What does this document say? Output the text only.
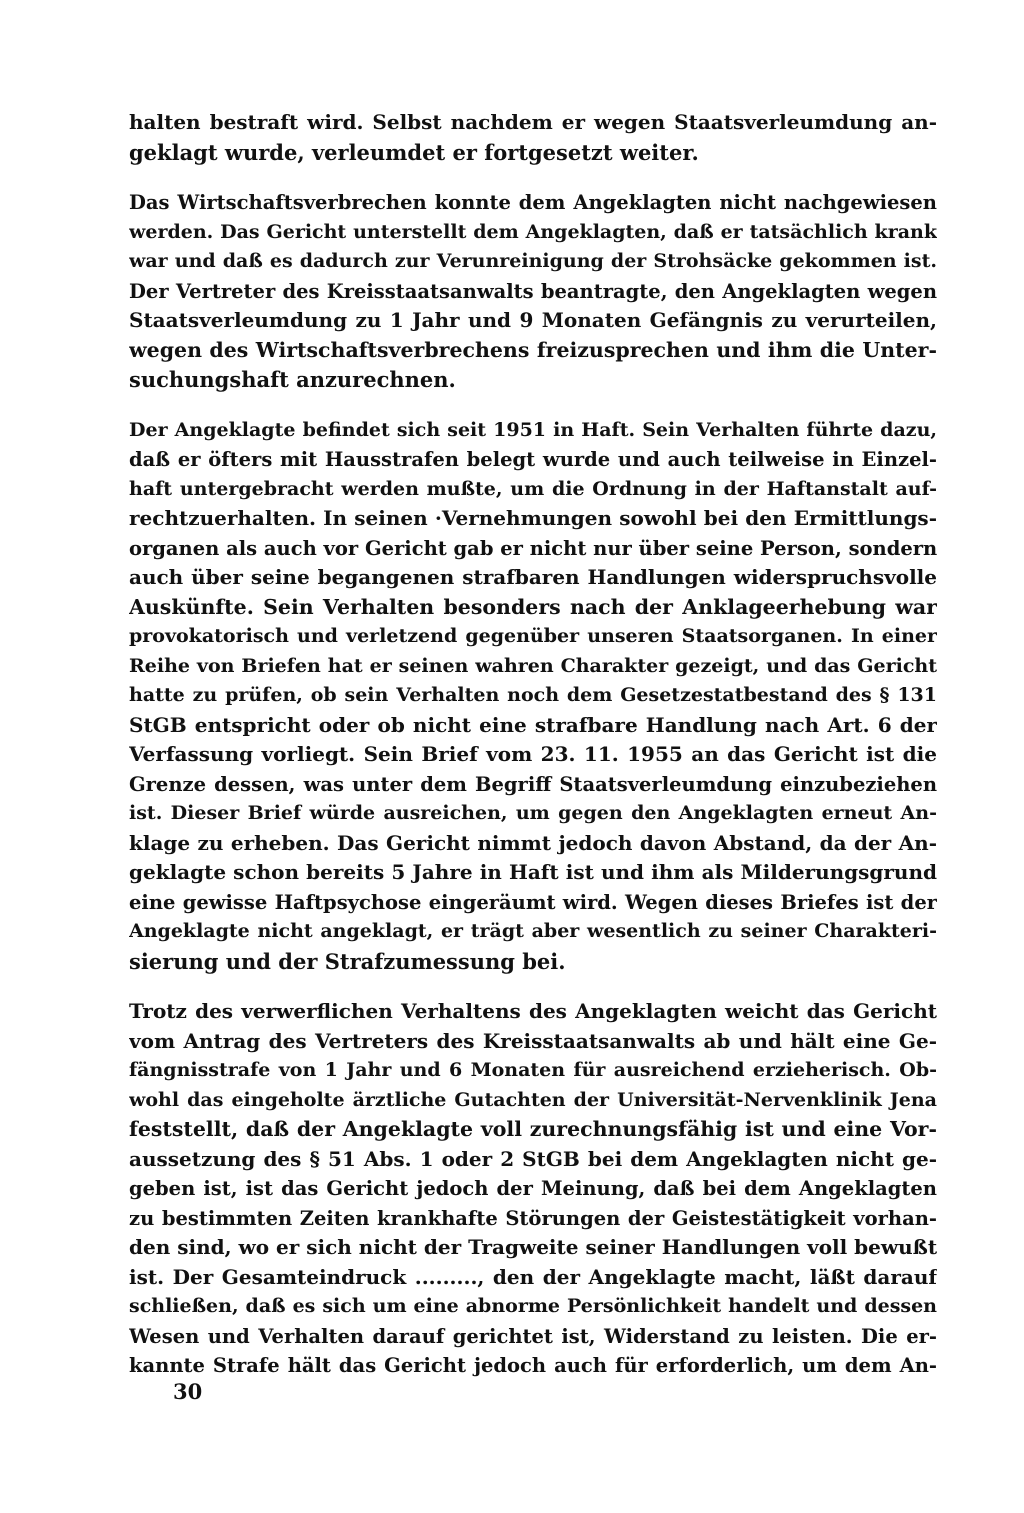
halten bestraft wird. Selbst nachdem er wegen Staatsverleumdung an-
geklagt wurde, verleumdet er fortgesetzt weiter.
Das Wirtschaftsverbrechen konnte dem Angeklagten nicht nachgewiesen
werden. Das Gericht unterstellt dem Angeklagten, daß er tatsächlich krank
war und daß es dadurch zur Verunreinigung der Strohsäcke gekommen ist.
Der Vertreter des Kreisstaatsanwalts beantragte, den Angeklagten wegen
Staatsverleumdung zu 1 Jahr und 9 Monaten Gefängnis zu verurteilen,
wegen des Wirtschaftsverbrechens freizusprechen und ihm die Unter-
suchungshaft anzurechnen.
Der Angeklagte befindet sich seit 1951 in Haft. Sein Verhalten führte dazu,
daß er öfters mit Hausstrafen belegt wurde und auch teilweise in Einzel-
haft untergebracht werden mußte, um die Ordnung in der Haftanstalt auf-
rechtzuerhalten. In seinen ·Vernehmungen sowohl bei den Ermittlungs-
organen als auch vor Gericht gab er nicht nur über seine Person, sondern
auch über seine begangenen strafbaren Handlungen widerspruchsvolle
Auskünfte. Sein Verhalten besonders nach der Anklageerhebung war
provokatorisch und verletzend gegenüber unseren Staatsorganen. In einer
Reihe von Briefen hat er seinen wahren Charakter gezeigt, und das Gericht
hatte zu prüfen, ob sein Verhalten noch dem Gesetzestatbestand des § 131
StGB entspricht oder ob nicht eine strafbare Handlung nach Art. 6 der
Verfassung vorliegt. Sein Brief vom 23. 11. 1955 an das Gericht ist die
Grenze dessen, was unter dem Begriff Staatsverleumdung einzubeziehen
ist. Dieser Brief würde ausreichen, um gegen den Angeklagten erneut An-
klage zu erheben. Das Gericht nimmt jedoch davon Abstand, da der An-
geklagte schon bereits 5 Jahre in Haft ist und ihm als Milderungsgrund
eine gewisse Haftpsychose eingeräumt wird. Wegen dieses Briefes ist der
Angeklagte nicht angeklagt, er trägt aber wesentlich zu seiner Charakteri-
sierung und der Strafzumessung bei.
Trotz des verwerflichen Verhaltens des Angeklagten weicht das Gericht
vom Antrag des Vertreters des Kreisstaatsanwalts ab und hält eine Ge-
fängnisstrafe von 1 Jahr und 6 Monaten für ausreichend erzieherisch. Ob-
wohl das eingeholte ärztliche Gutachten der Universität-Nervenklinik Jena
feststellt, daß der Angeklagte voll zurechnungsfähig ist und eine Vor-
aussetzung des § 51 Abs. 1 oder 2 StGB bei dem Angeklagten nicht ge-
geben ist, ist das Gericht jedoch der Meinung, daß bei dem Angeklagten
zu bestimmten Zeiten krankhafte Störungen der Geistestätigkeit vorhan-
den sind, wo er sich nicht der Tragweite seiner Handlungen voll bewußt
ist. Der Gesamteindruck ........., den der Angeklagte macht, läßt darauf
schließen, daß es sich um eine abnorme Persönlichkeit handelt und dessen
Wesen und Verhalten darauf gerichtet ist, Widerstand zu leisten. Die er-
kannte Strafe hält das Gericht jedoch auch für erforderlich, um dem An-
30
